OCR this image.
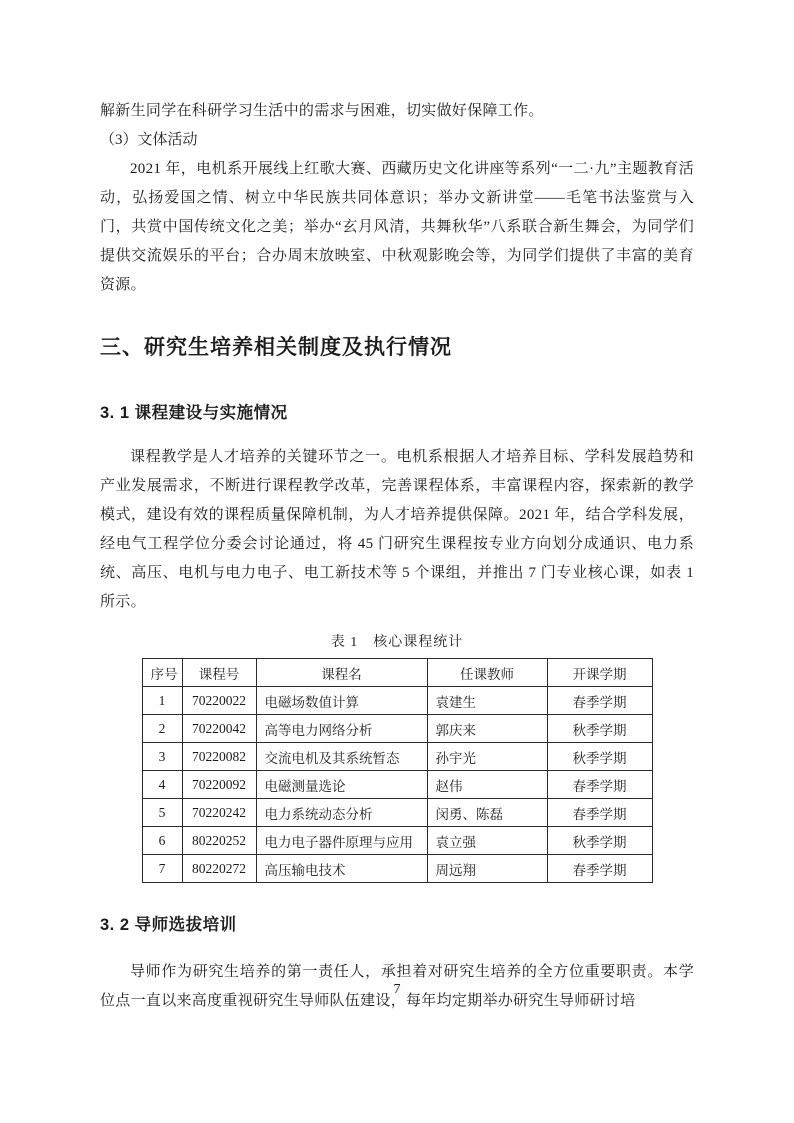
解新生同学在科研学习生活中的需求与困难，切实做好保障工作。

（3）文体活动

2021 年，电机系开展线上红歌大赛、西藏历史文化讲座等系列“一二·九”主题教育活动，弘扬爱国之情、树立中华民族共同体意识；举办文新讲堂——毛笔书法鉴赏与入门，共赏中国传统文化之美；举办“玄月风清，共舞秋华”八系联合新生舞会，为同学们提供交流娱乐的平台；合办周末放映室、中秋观影晚会等，为同学们提供了丰富的美育资源。

三、研究生培养相关制度及执行情况
3. 1 课程建设与实施情况

课程教学是人才培养的关键环节之一。电机系根据人才培养目标、学科发展趋势和产业发展需求，不断进行课程教学改革，完善课程体系，丰富课程内容，探索新的教学模式，建设有效的课程质量保障机制，为人才培养提供保障。2021 年，结合学科发展，经电气工程学位分委会讨论通过，将 45 门研究生课程按专业方向划分成通识、电力系统、高压、电机与电力电子、电工新技术等 5 个课组，并推出 7 门专业核心课，如表 1 所示。

表 1　核心课程统计
序号	课程号	课程名	任课教师	开课学期
1	70220022	电磁场数值计算	袁建生	春季学期
2	70220042	高等电力网络分析	郭庆来	秋季学期
3	70220082	交流电机及其系统暂态	孙宇光	秋季学期
4	70220092	电磁测量选论	赵伟	春季学期
5	70220242	电力系统动态分析	闵勇、陈磊	春季学期
6	80220252	电力电子器件原理与应用	袁立强	秋季学期
7	80220272	高压输电技术	周远翔	春季学期
3. 2 导师选拔培训

导师作为研究生培养的第一责任人，承担着对研究生培养的全方位重要职责。本学位点一直以来高度重视研究生导师队伍建设，每年均定期举办研究生导师研讨培

7
